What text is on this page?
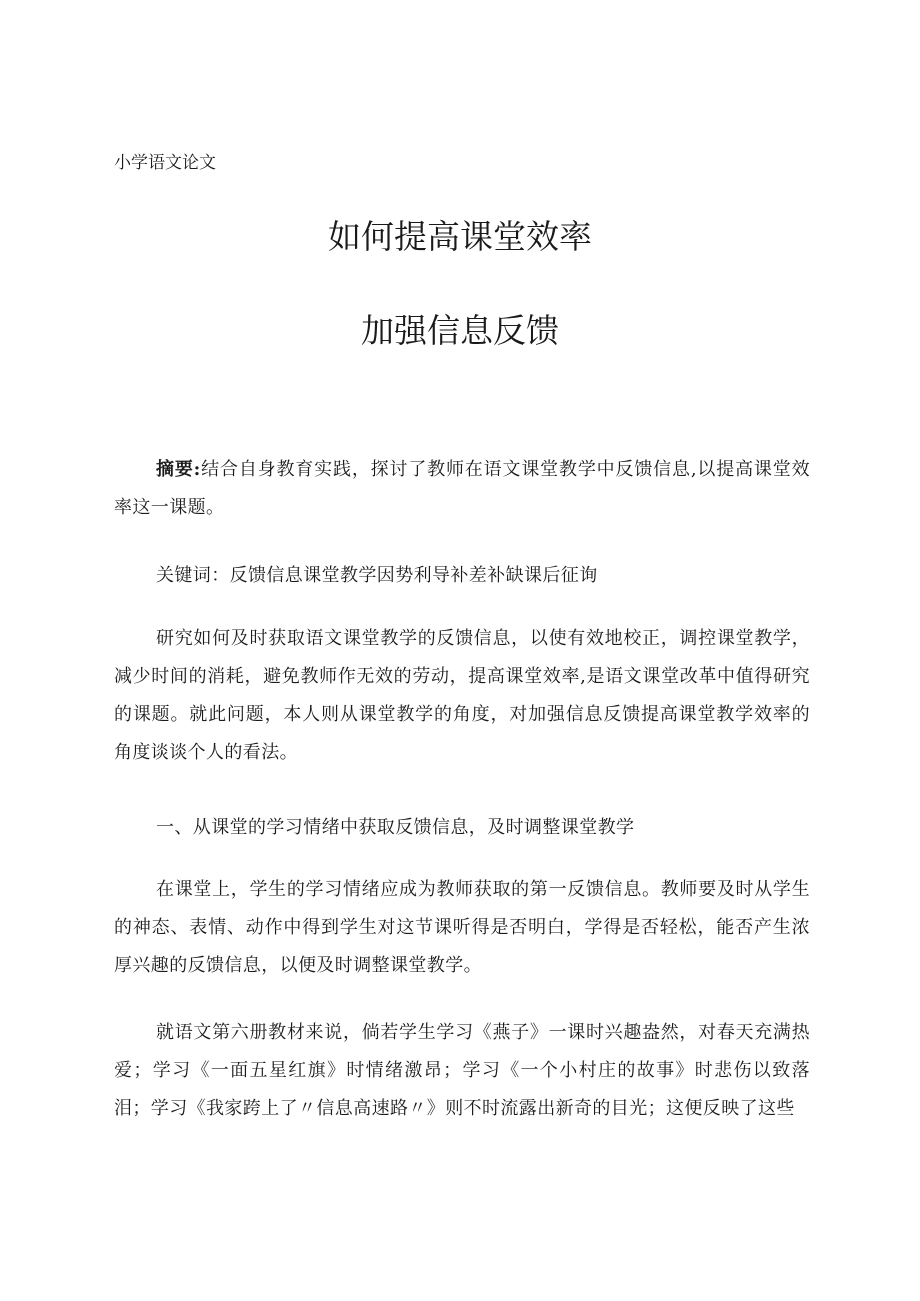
小学语文论文
如何提高课堂效率
加强信息反馈
摘要:结合自身教育实践，探讨了教师在语文课堂教学中反馈信息,以提高课堂效率这一课题。
关键词：反馈信息课堂教学因势利导补差补缺课后征询
研究如何及时获取语文课堂教学的反馈信息，以使有效地校正，调控课堂教学，减少时间的消耗，避免教师作无效的劳动，提高课堂效率,是语文课堂改革中值得研究的课题。就此问题，本人则从课堂教学的角度，对加强信息反馈提高课堂教学效率的角度谈谈个人的看法。
一、从课堂的学习情绪中获取反馈信息，及时调整课堂教学
在课堂上，学生的学习情绪应成为教师获取的第一反馈信息。教师要及时从学生的神态、表情、动作中得到学生对这节课听得是否明白，学得是否轻松，能否产生浓厚兴趣的反馈信息，以便及时调整课堂教学。
就语文第六册教材来说，倘若学生学习《燕子》一课时兴趣盎然，对春天充满热爱；学习《一面五星红旗》时情绪激昂；学习《一个小村庄的故事》时悲伤以致落泪；学习《我家跨上了〃信息高速路〃》则不时流露出新奇的目光；这便反映了这些
